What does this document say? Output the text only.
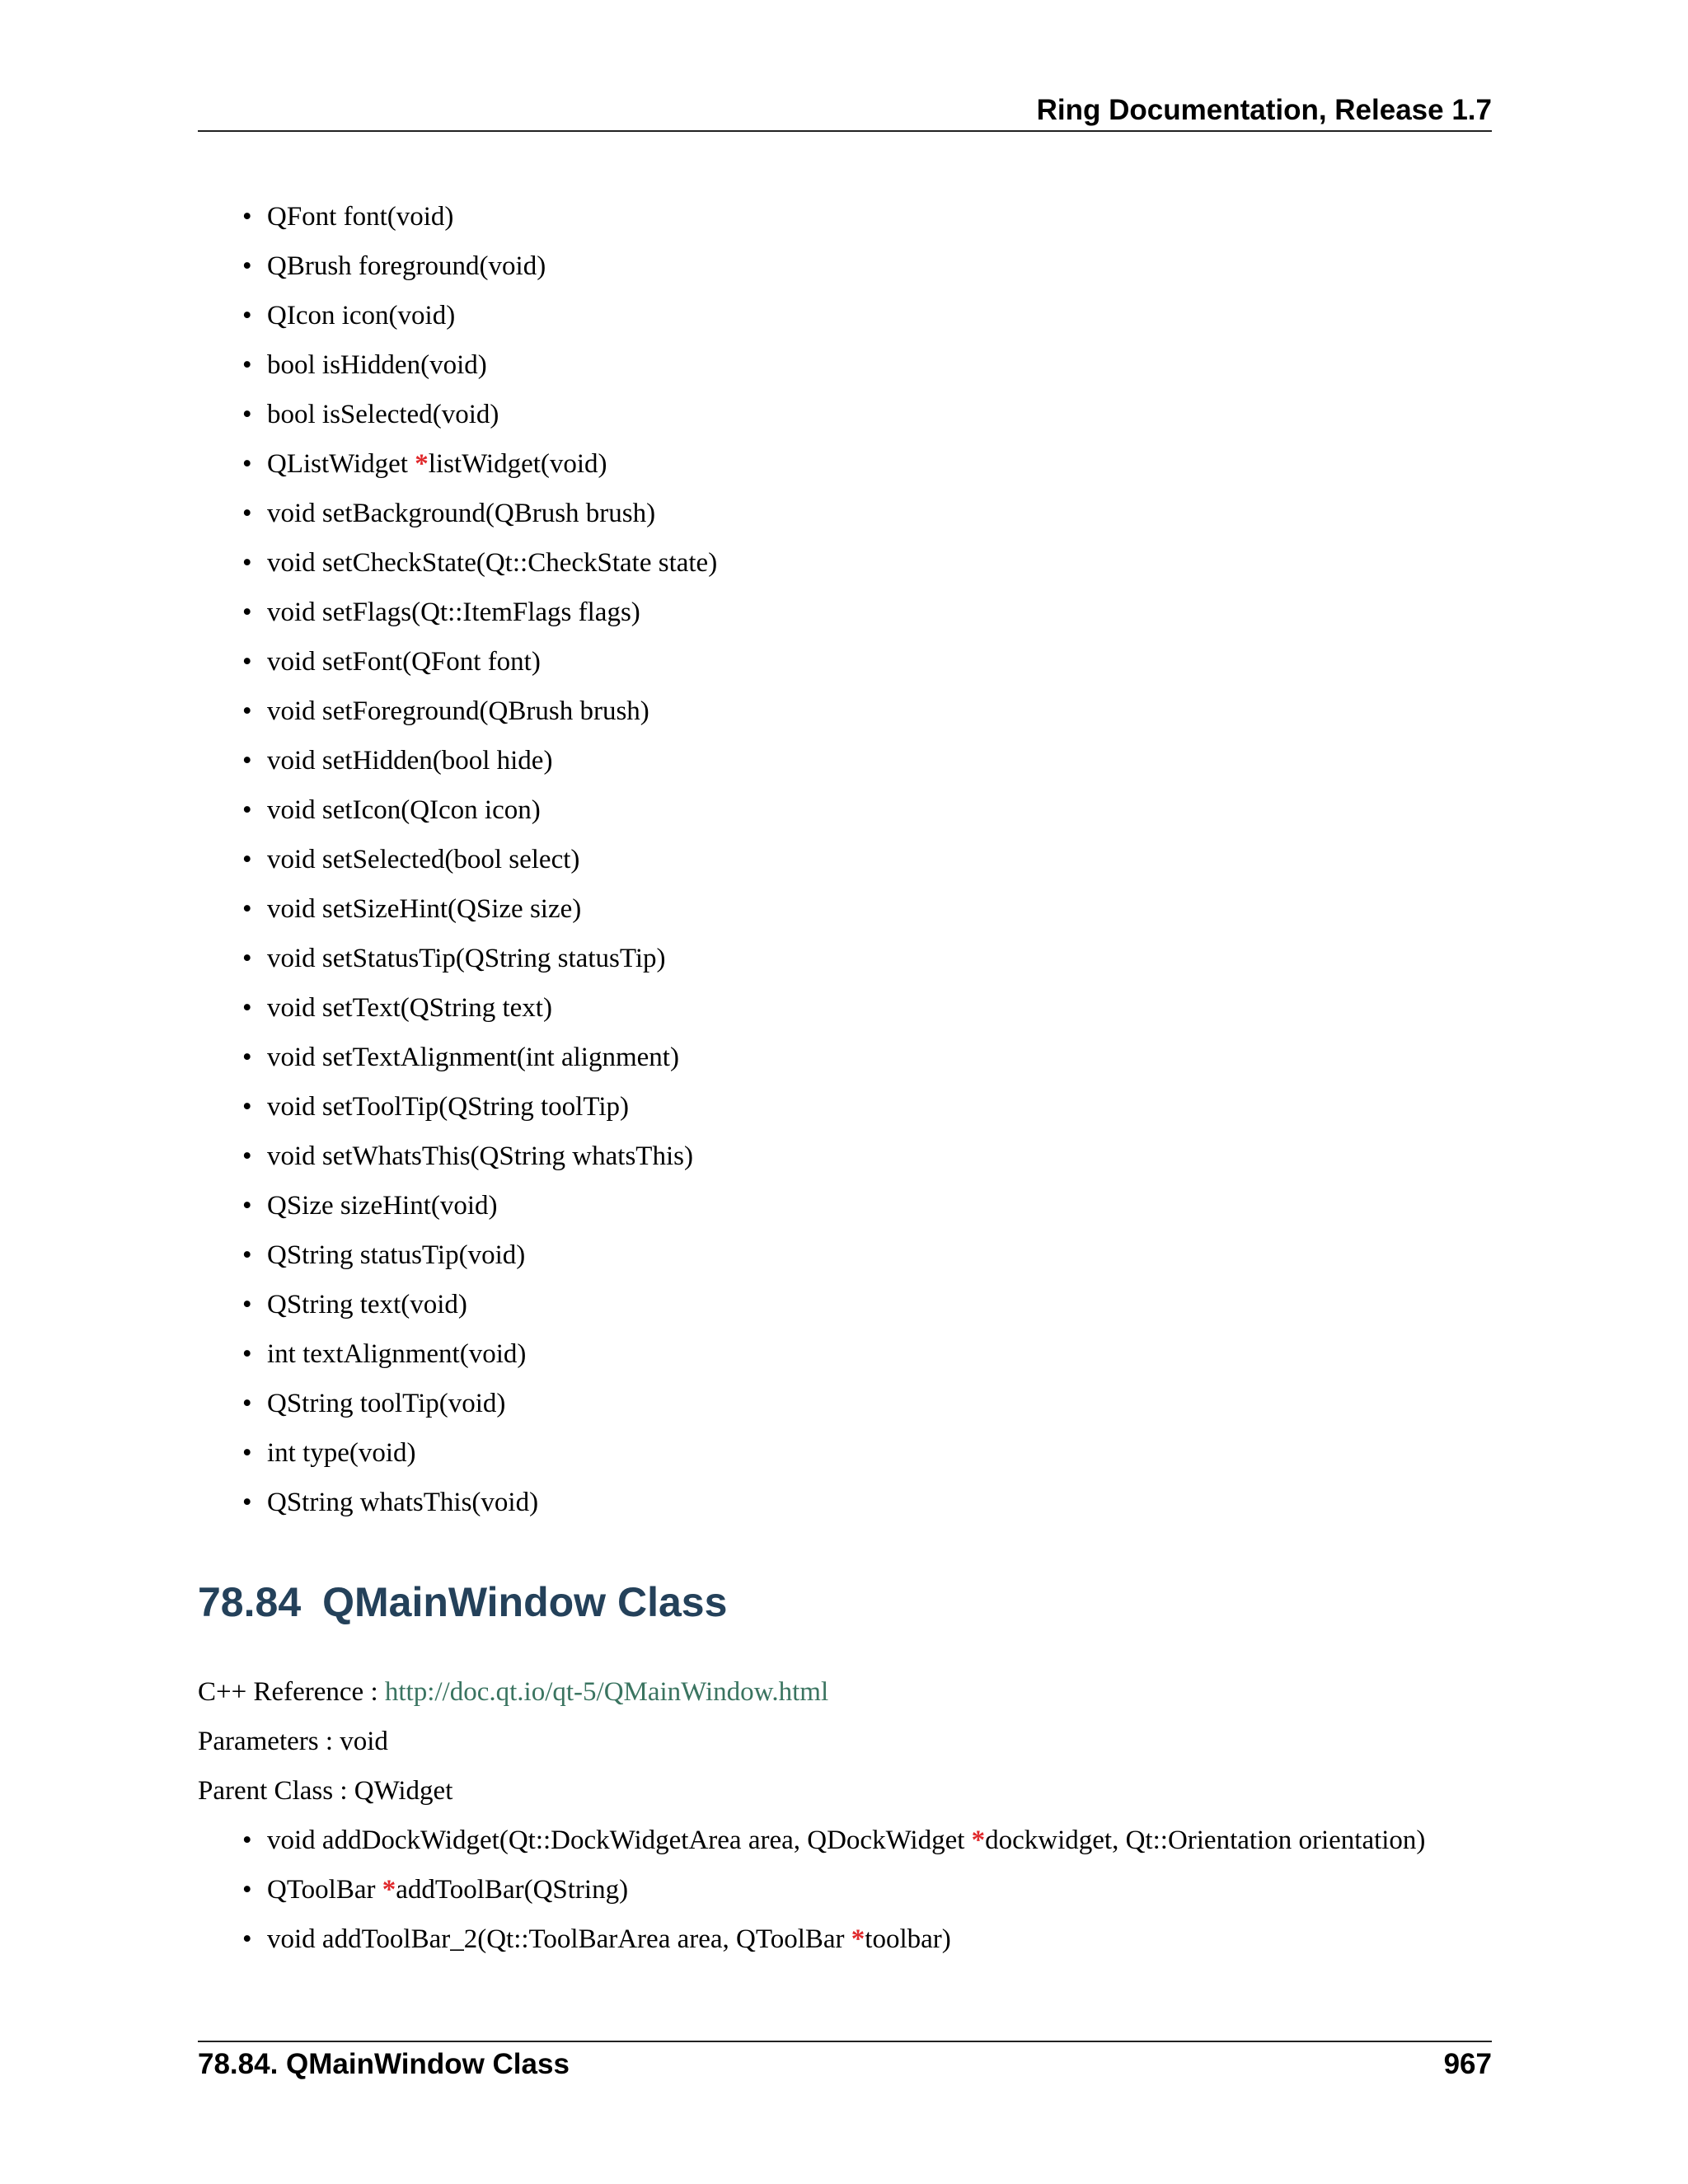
Ring Documentation, Release 1.7
• QFont font(void)
• QBrush foreground(void)
• QIcon icon(void)
• bool isHidden(void)
• bool isSelected(void)
• QListWidget *listWidget(void)
• void setBackground(QBrush brush)
• void setCheckState(Qt::CheckState state)
• void setFlags(Qt::ItemFlags flags)
• void setFont(QFont font)
• void setForeground(QBrush brush)
• void setHidden(bool hide)
• void setIcon(QIcon icon)
• void setSelected(bool select)
• void setSizeHint(QSize size)
• void setStatusTip(QString statusTip)
• void setText(QString text)
• void setTextAlignment(int alignment)
• void setToolTip(QString toolTip)
• void setWhatsThis(QString whatsThis)
• QSize sizeHint(void)
• QString statusTip(void)
• QString text(void)
• int textAlignment(void)
• QString toolTip(void)
• int type(void)
• QString whatsThis(void)
78.84 QMainWindow Class
C++ Reference : http://doc.qt.io/qt-5/QMainWindow.html
Parameters : void
Parent Class : QWidget
• void addDockWidget(Qt::DockWidgetArea area, QDockWidget *dockwidget, Qt::Orientation orientation)
• QToolBar *addToolBar(QString)
• void addToolBar_2(Qt::ToolBarArea area, QToolBar *toolbar)
78.84. QMainWindow Class	967
